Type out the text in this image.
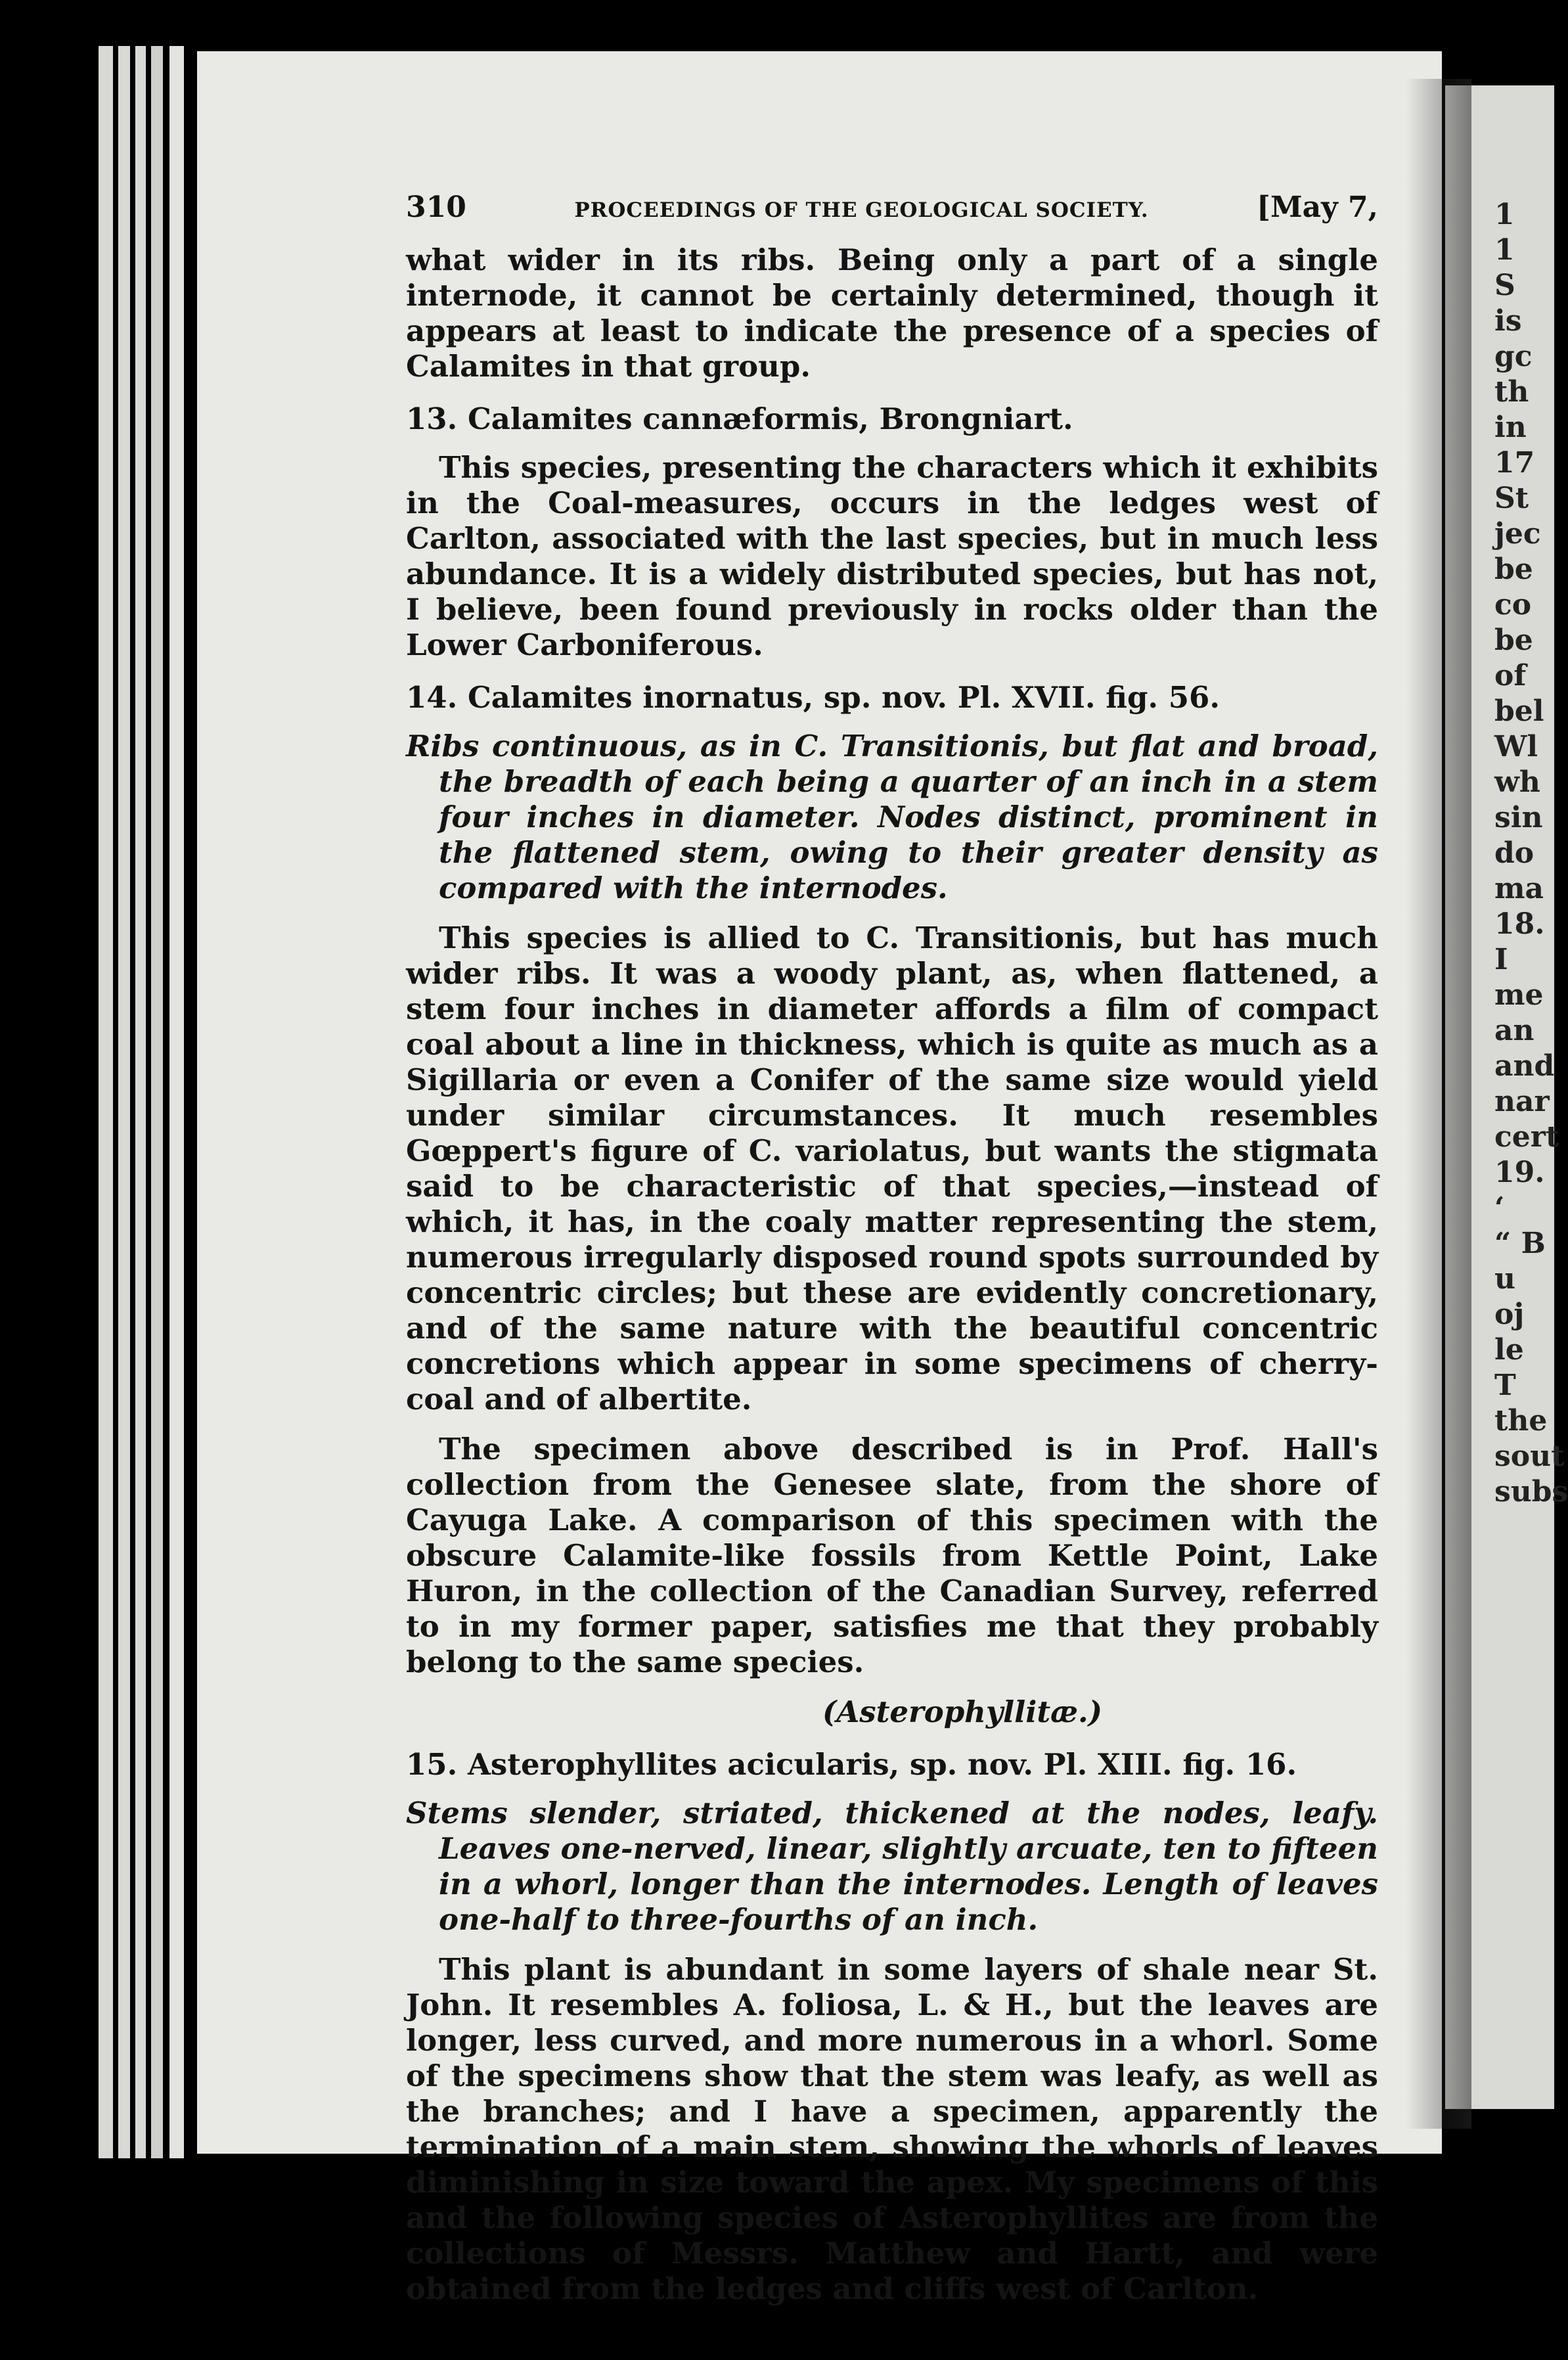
310	PROCEEDINGS OF THE GEOLOGICAL SOCIETY.	[May 7,

what wider in its ribs. Being only a part of a single internode, it cannot be certainly determined, though it appears at least to indicate the presence of a species of Calamites in that group.

13. Calamites cannæformis, Brongniart.

This species, presenting the characters which it exhibits in the Coal-measures, occurs in the ledges west of Carlton, associated with the last species, but in much less abundance. It is a widely distributed species, but has not, I believe, been found previously in rocks older than the Lower Carboniferous.

14. Calamites inornatus, sp. nov. Pl. XVII. fig. 56.

Ribs continuous, as in C. Transitionis, but flat and broad, the breadth of each being a quarter of an inch in a stem four inches in diameter. Nodes distinct, prominent in the flattened stem, owing to their greater density as compared with the internodes.

This species is allied to C. Transitionis, but has much wider ribs. It was a woody plant, as, when flattened, a stem four inches in diameter affords a film of compact coal about a line in thickness, which is quite as much as a Sigillaria or even a Conifer of the same size would yield under similar circumstances. It much resembles Gœppert's figure of C. variolatus, but wants the stigmata said to be characteristic of that species,—instead of which, it has, in the coaly matter representing the stem, numerous irregularly disposed round spots surrounded by concentric circles; but these are evidently concretionary, and of the same nature with the beautiful concentric concretions which appear in some specimens of cherry-coal and of albertite.

The specimen above described is in Prof. Hall's collection from the Genesee slate, from the shore of Cayuga Lake. A comparison of this specimen with the obscure Calamite-like fossils from Kettle Point, Lake Huron, in the collection of the Canadian Survey, referred to in my former paper, satisfies me that they probably belong to the same species.

(Asterophyllitæ.)
15. Asterophyllites acicularis, sp. nov. Pl. XIII. fig. 16.

Stems slender, striated, thickened at the nodes, leafy. Leaves one-nerved, linear, slightly arcuate, ten to fifteen in a whorl, longer than the internodes. Length of leaves one-half to three-fourths of an inch.

This plant is abundant in some layers of shale near St. John. It resembles A. foliosa, L. & H., but the leaves are longer, less curved, and more numerous in a whorl. Some of the specimens show that the stem was leafy, as well as the branches; and I have a specimen, apparently the termination of a main stem, showing the whorls of leaves diminishing in size toward the apex. My specimens of this and the following species of Asterophyllites are from the collections of Messrs. Matthew and Hartt, and were obtained from the ledges and cliffs west of Carlton.

1
1
S
is
gc
th
in
17
St
jec
be
co
be
of
bel
Wl
wh
sin
do
ma
18.
I
me
an
and
nar
cert
19.
‘
“ B
u
oj
le
T
the
sout
subs
